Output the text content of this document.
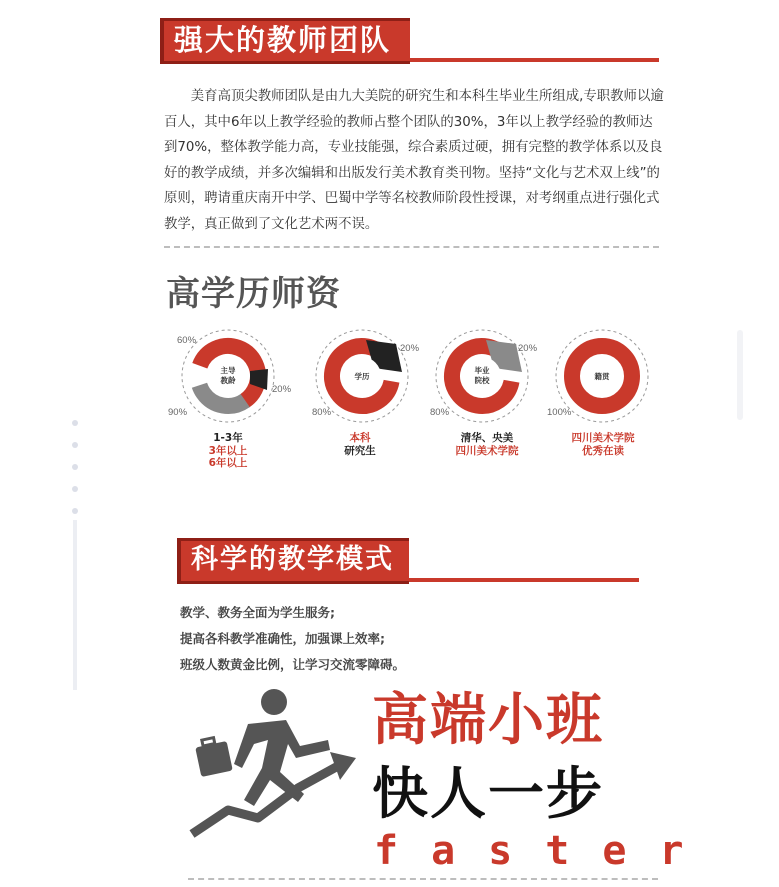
强大的教师团队
美育高顶尖教师团队是由九大美院的研究生和本科生毕业生所组成,专职教师以逾百人，其中6年以上教学经验的教师占整个团队的30%，3年以上教学经验的教师达到70%，整体教学能力高，专业技能强，综合素质过硬，拥有完整的教学体系以及良好的教学成绩，并多次编辑和出版发行美术教育类刊物。坚持“文化与艺术双上线”的原则，聘请重庆南开中学、巴蜀中学等名校教师阶段性授课，对考纲重点进行强化式教学，真正做到了文化艺术两不误。
高学历师资
主导
教龄
60%
20%
90%
1-3年
3年以上
6年以上
学历
20%
80%
本科
研究生
毕业
院校
20%
80%
清华、央美
四川美术学院
籍贯
100%
四川美术学院
优秀在读
科学的教学模式
教学、教务全面为学生服务;
提高各科教学准确性，加强课上效率;
班级人数黄金比例，让学习交流零障碍。
高端小班
快人一步
faster
